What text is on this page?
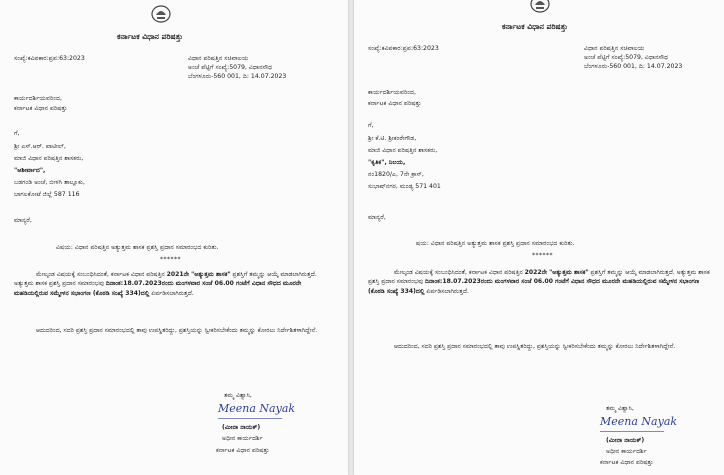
ಕರ್ನಾಟಕ ವಿಧಾನ ಪರಿಷತ್ತು
ಸಂಖ್ಯೆ:ಕವಿಪಕಾರ:ಪ್ರಪ:63:2023	ವಿಧಾನ ಪರಿಷತ್ತಿನ ಸಚಿವಾಲಯ
ಅಂಚೆ ಪೆಟ್ಟಿಗೆ ಸಂಖ್ಯೆ:5079, ವಿಧಾನಸೌಧ
ಬೆಂಗಳೂರು-560 001, ದಿ: 14.07.2023
ಕಾರ್ಯದರ್ಶಿಯವರಿಂದ,
ಕರ್ನಾಟಕ ವಿಧಾನ ಪರಿಷತ್ತು
ಗೆ,
ಶ್ರೀ ಎಸ್.ಆರ್. ಪಾಟೀಲ್,
ಮಾಜಿ ವಿಧಾನ ಪರಿಷತ್ತಿನ ಶಾಸಕರು,
"ಆಶೀರ್ವಾದ",
ಬಡಗಂಡಿ ಅಂಚೆ, ಬೀಳಗಿ ತಾಲ್ಲೂಕು,
ಬಾಗಲಕೋಟೆ ಜಿಲ್ಲೆ 587 116
ಮಾನ್ಯರೆ,
ವಿಷಯ: ವಿಧಾನ ಪರಿಷತ್ತಿನ ಅತ್ಯುತ್ತಮ ಶಾಸಕ ಪ್ರಶಸ್ತಿ ಪ್ರದಾನ ಸಮಾರಂಭದ ಕುರಿತು.
******
ಮೇಲ್ಕಂಡ ವಿಷಯಕ್ಕೆ ಸಂಬಂಧಿಸಿದಂತೆ, ಕರ್ನಾಟಕ ವಿಧಾನ ಪರಿಷತ್ತಿನ 2021ನೇ "ಅತ್ಯುತ್ತಮ ಶಾಸಕ" ಪ್ರಶಸ್ತಿಗೆ ತಮ್ಮನ್ನು ಆಯ್ಕೆ ಮಾಡಲಾಗಿರುತ್ತದೆ. ಅತ್ಯುತ್ತಮ ಶಾಸಕ ಪ್ರಶಸ್ತಿ ಪ್ರದಾನ ಸಮಾರಂಭವು ದಿನಾಂಕ:18.07.2023ರಂದು ಮಂಗಳವಾರ ಸಂಜೆ 06.00 ಗಂಟೆಗೆ ವಿಧಾನ ಸೌಧದ ಮೂರನೇ ಮಹಡಿಯಲ್ಲಿರುವ ಸಮ್ಮೇಳನ ಸಭಾಂಗಣ (ಕೊಠಡಿ ಸಂಖ್ಯೆ 334)ದಲ್ಲಿ ಏರ್ಪಡಿಸಲಾಗಿರುತ್ತದೆ.
ಆದುದರಿಂದ, ಸದರಿ ಪ್ರಶಸ್ತಿ ಪ್ರದಾನ ಸಮಾರಂಭದಲ್ಲಿ ತಾವು ಉಪಸ್ಥಿತರಿದ್ದು, ಪ್ರಶಸ್ತಿಯನ್ನು ಸ್ವೀಕರಿಸಬೇಕೆಂದು ತಮ್ಮನ್ನು ಕೋರಲು ನಿರ್ದೇಶಿತಳಾಗಿದ್ದೇನೆ.
ತಮ್ಮ ವಿಶ್ವಾಸಿ,
Meena Nayak
(ಮೀನಾ ನಾಯಕ್)
ಅಧೀನ ಕಾರ್ಯದರ್ಶಿ
ಕರ್ನಾಟಕ ವಿಧಾನ ಪರಿಷತ್ತು
ಕರ್ನಾಟಕ ವಿಧಾನ ಪರಿಷತ್ತು
ಸಂಖ್ಯೆ:ಕವಿಪಕಾರ:ಪ್ರಪ:63:2023	ವಿಧಾನ ಪರಿಷತ್ತಿನ ಸಚಿವಾಲಯ
ಅಂಚೆ ಪೆಟ್ಟಿಗೆ ಸಂಖ್ಯೆ:5079, ವಿಧಾನಸೌಧ
ಬೆಂಗಳೂರು-560 001, ದಿ: 14.07.2023
ಕಾರ್ಯದರ್ಶಿಯವರಿಂದ,
ಕರ್ನಾಟಕ ವಿಧಾನ ಪರಿಷತ್ತು
ಗೆ,
ಶ್ರೀ ಕೆ.ಟಿ. ಶ್ರೀಕಂಠೇಗೌಡ,
ಮಾಜಿ ವಿಧಾನ ಪರಿಷತ್ತಿನ ಶಾಸಕರು,
"ಕೃತಿಕ", ನಿಲಯ,
ನಂ1820/ಎ, 7ನೇ ಕ್ರಾಸ್,
ಸುಭಾಷ್‌ನಗರ, ಮಂಡ್ಯ 571 401
ಮಾನ್ಯರೆ,
ಷಯ: ವಿಧಾನ ಪರಿಷತ್ತಿನ ಅತ್ಯುತ್ತಮ ಶಾಸಕ ಪ್ರಶಸ್ತಿ ಪ್ರದಾನ ಸಮಾರಂಭದ ಕುರಿತು.
******
ಮೇಲ್ಕಂಡ ವಿಷಯಕ್ಕೆ ಸಂಬಂಧಿಸಿದಂತೆ, ಕರ್ನಾಟಕ ವಿಧಾನ ಪರಿಷತ್ತಿನ 2022ನೇ "ಅತ್ಯುತ್ತಮ ಶಾಸಕ" ಪ್ರಶಸ್ತಿಗೆ ತಮ್ಮನ್ನು ಆಯ್ಕೆ ಮಾಡಲಾಗಿರುತ್ತದೆ. ಅತ್ಯುತ್ತಮ ಶಾಸಕ ಪ್ರಶಸ್ತಿ ಪ್ರದಾನ ಸಮಾರಂಭವು ದಿನಾಂಕ:18.07.2023ರಂದು ಮಂಗಳವಾರ ಸಂಜೆ 06.00 ಗಂಟೆಗೆ ವಿಧಾನ ಸೌಧದ ಮೂರನೇ ಮಹಡಿಯಲ್ಲಿರುವ ಸಮ್ಮೇಳನ ಸಭಾಂಗಣ (ಕೊಠಡಿ ಸಂಖ್ಯೆ 334)ದಲ್ಲಿ ಏರ್ಪಡಿಸಲಾಗಿರುತ್ತದೆ.
ಆದುದರಿಂದ, ಸದರಿ ಪ್ರಶಸ್ತಿ ಪ್ರದಾನ ಸಮಾರಂಭದಲ್ಲಿ ತಾವು ಉಪಸ್ಥಿತರಿದ್ದು, ಪ್ರಶಸ್ತಿಯನ್ನು ಸ್ವೀಕರಿಸಬೇಕೆಂದು ತಮ್ಮನ್ನು ಕೋರಲು ನಿರ್ದೇಶಿತಳಾಗಿದ್ದೇನೆ.
ತಮ್ಮ ವಿಶ್ವಾಸಿ,
Meena Nayak
(ಮೀನಾ ನಾಯಕ್)
ಅಧೀನ ಕಾರ್ಯದರ್ಶಿ
ಕರ್ನಾಟಕ ವಿಧಾನ ಪರಿಷತ್ತು
